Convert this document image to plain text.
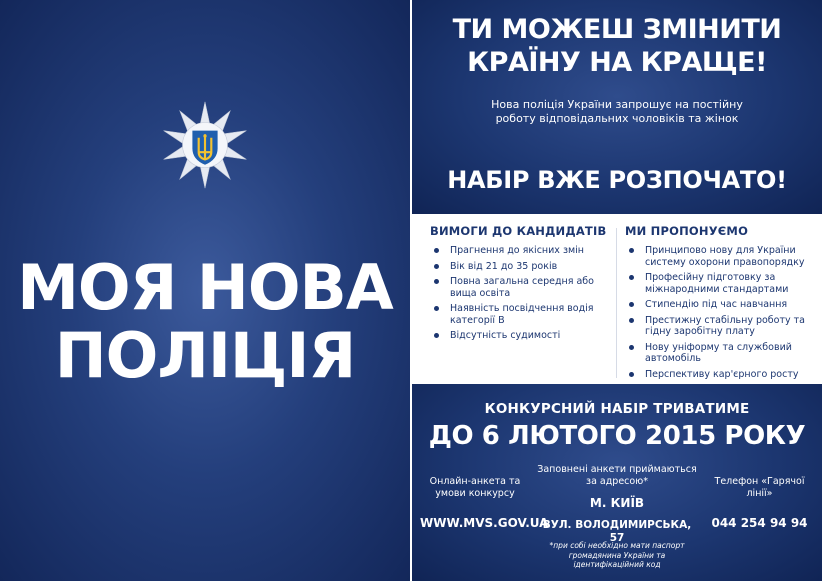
МОЯ НОВА
ПОЛІЦІЯ
ТИ МОЖЕШ ЗМІНИТИ
КРАЇНУ НА КРАЩЕ!
Нова поліція України запрошує на постійну роботу відповідальних чоловіків та жінок
НАБІР ВЖЕ РОЗПОЧАТО!
ВИМОГИ ДО КАНДИДАТІВ
Прагнення до якісних змін
Вік від 21 до 35 років
Повна загальна середня або вища освіта
Наявність посвідчення водія категорії В
Відсутність судимості
МИ ПРОПОНУЄМО
Принципово нову для України систему охорони правопорядку
Професійну підготовку за міжнародними стандартами
Стипендію під час навчання
Престижну стабільну роботу та гідну заробітну плату
Нову уніформу та службовий автомобіль
Перспективу кар'єрного росту
КОНКУРСНИЙ НАБІР ТРИВАТИМЕ
ДО 6 ЛЮТОГО 2015 РОКУ
Онлайн-анкета та умови конкурсу
WWW.MVS.GOV.UA
Заповнені анкети приймаються за адресою*
М. КИЇВ
ВУЛ. ВОЛОДИМИРСЬКА, 57
Телефон «Гарячої лінії»
044 254 94 94
*при собі необхідно мати паспорт громадянина України та ідентифікаційний код
